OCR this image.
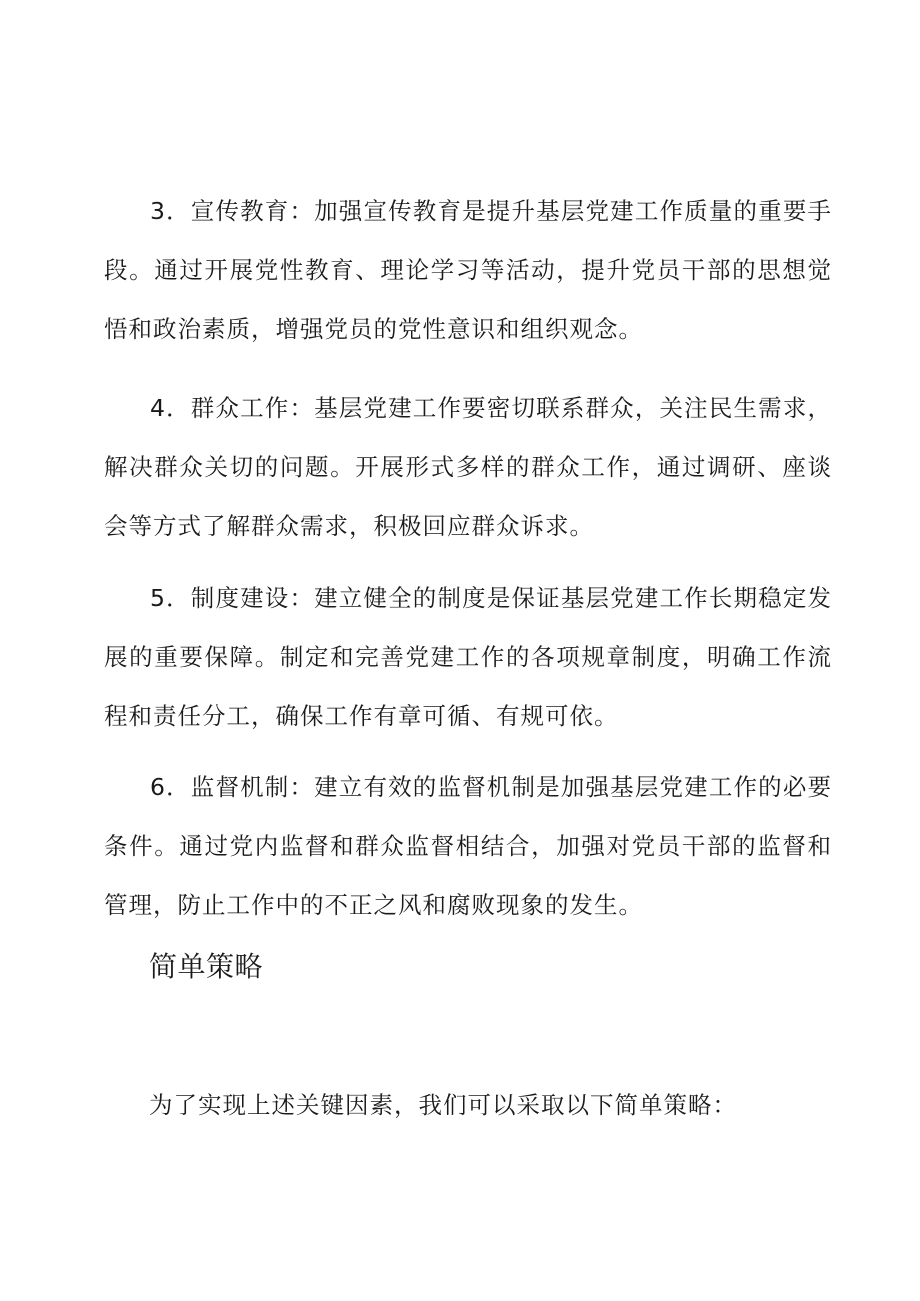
3．宣传教育：加强宣传教育是提升基层党建工作质量的重要手段。通过开展党性教育、理论学习等活动，提升党员干部的思想觉悟和政治素质，增强党员的党性意识和组织观念。

4．群众工作：基层党建工作要密切联系群众，关注民生需求，解决群众关切的问题。开展形式多样的群众工作，通过调研、座谈会等方式了解群众需求，积极回应群众诉求。

5．制度建设：建立健全的制度是保证基层党建工作长期稳定发展的重要保障。制定和完善党建工作的各项规章制度，明确工作流程和责任分工，确保工作有章可循、有规可依。

6．监督机制：建立有效的监督机制是加强基层党建工作的必要条件。通过党内监督和群众监督相结合，加强对党员干部的监督和管理，防止工作中的不正之风和腐败现象的发生。

简单策略

为了实现上述关键因素，我们可以采取以下简单策略：
